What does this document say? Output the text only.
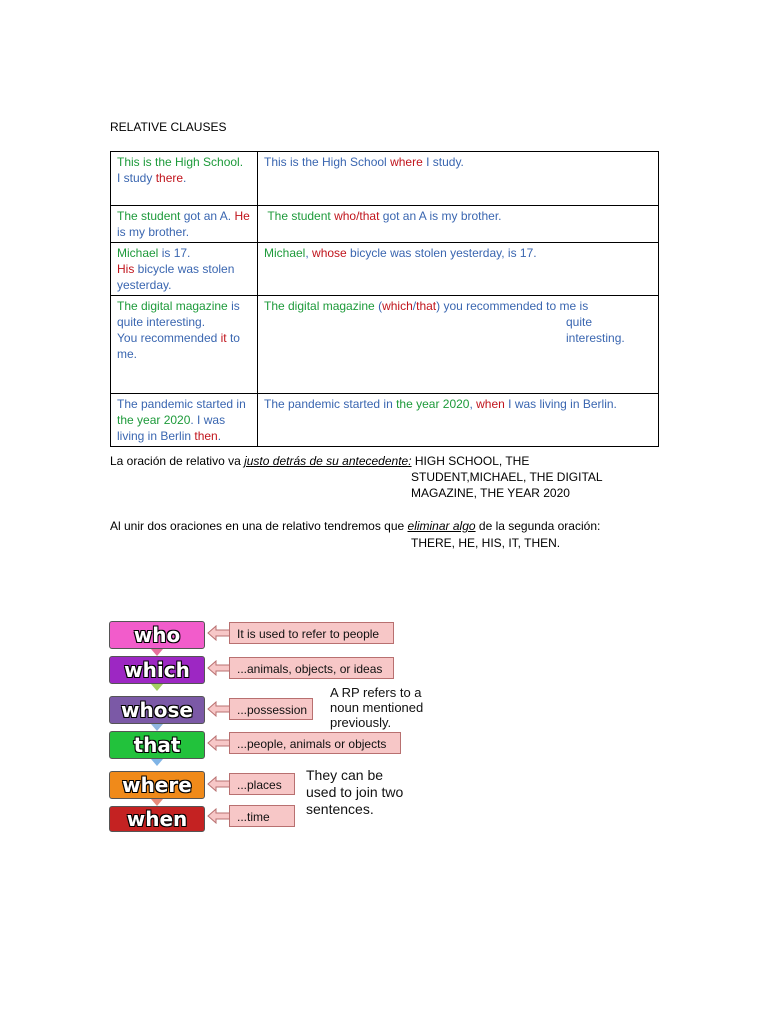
RELATIVE CLAUSES
This is the High School.
I study there.	This is the High School where I study.
The student got an A. He is my brother.	The student who/that got an A is my brother.
Michael is 17.
His bicycle was stolen yesterday.	Michael, whose bicycle was stolen yesterday, is 17.
The digital magazine is quite interesting.
You recommended it to me.	The digital magazine (which/that) you recommended to me is
quite
interesting.
The pandemic started in the year 2020. I was living in Berlin then.	The pandemic started in the year 2020, when I was living in Berlin.
La oración de relativo va justo detrás de su antecedente: HIGH SCHOOL, THE
STUDENT,MICHAEL, THE DIGITAL
MAGAZINE, THE YEAR 2020
Al unir dos oraciones en una de relativo tendremos que eliminar algo de la segunda oración:
THERE, HE, HIS, IT, THEN.
who
which
whose
that
where
when
It is used to refer to people
...animals, objects, or ideas
...possession
...people, animals or objects
...places
...time
A RP refers to a
noun mentioned
previously.
They can be
used to join two
sentences.
